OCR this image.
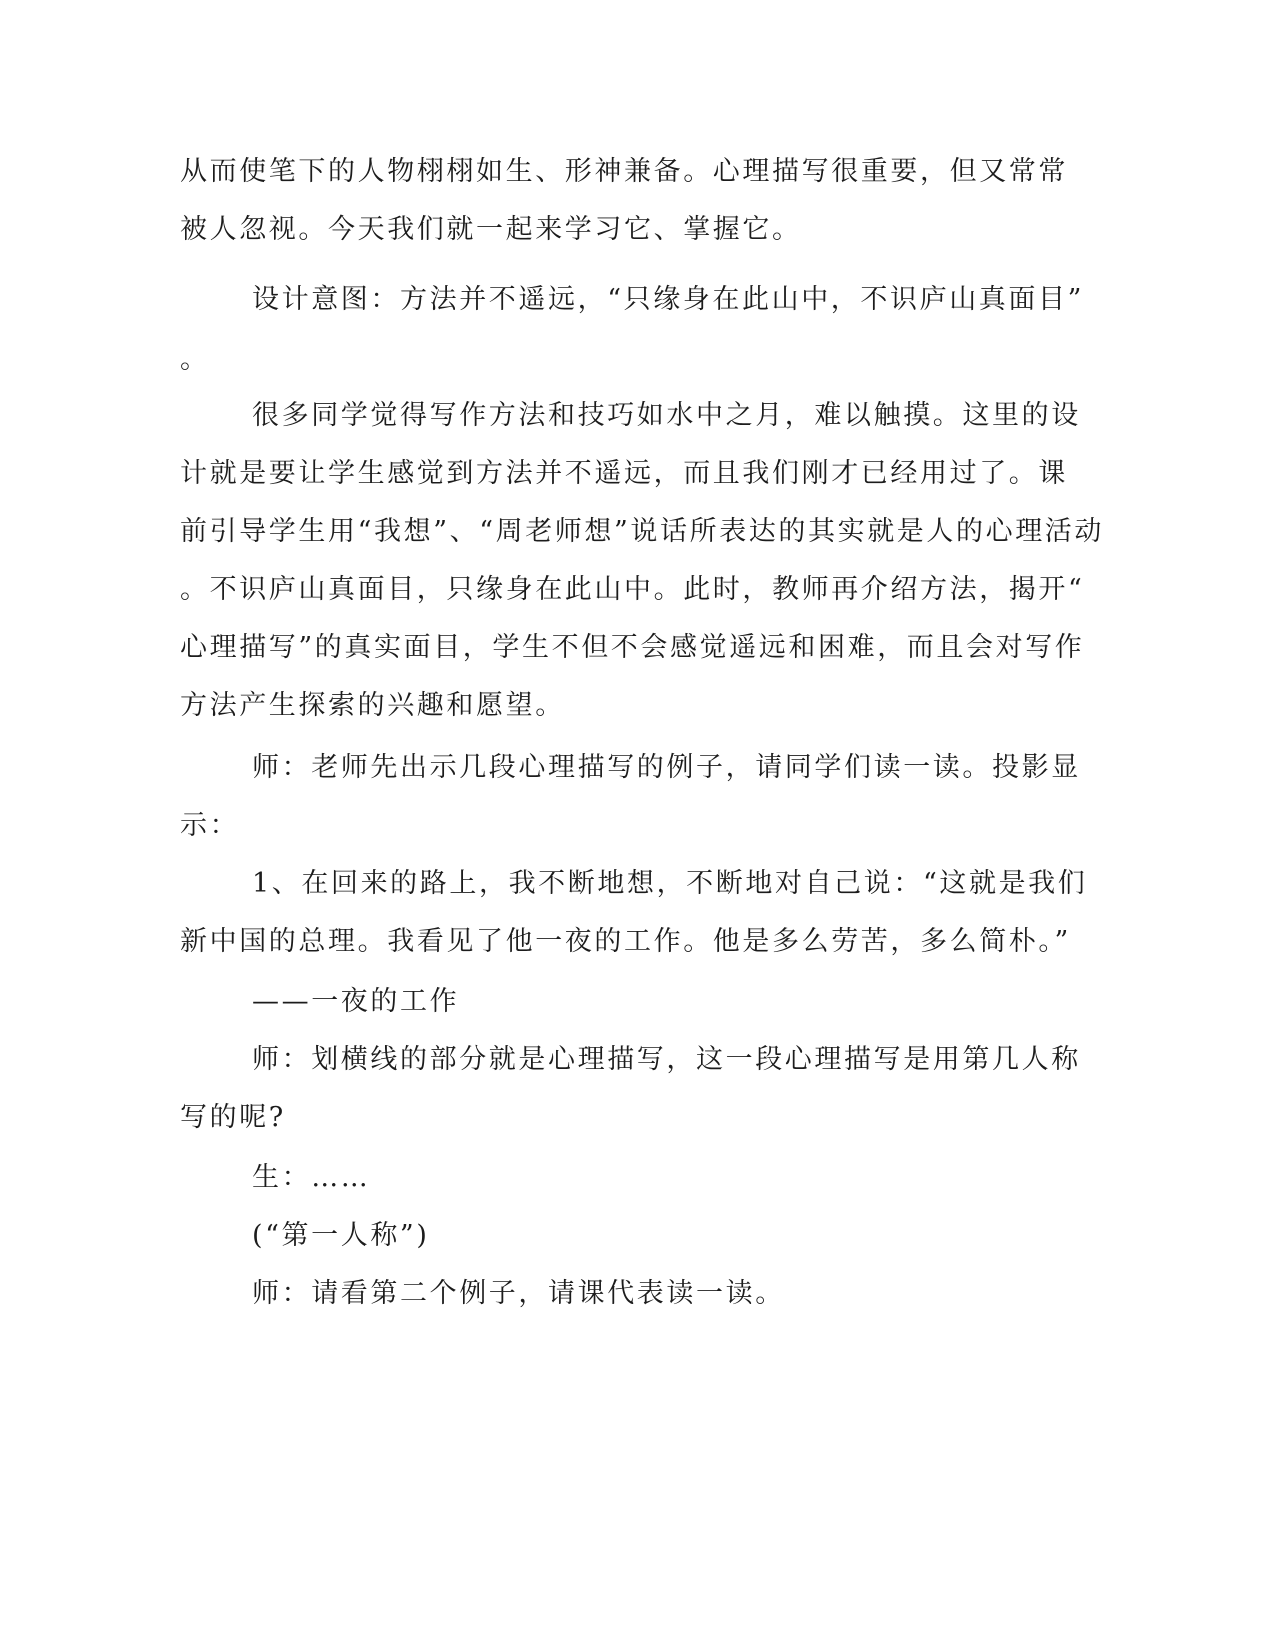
从而使笔下的人物栩栩如生、形神兼备。心理描写很重要，但又常常
被人忽视。今天我们就一起来学习它、掌握它。
设计意图：方法并不遥远，“只缘身在此山中，不识庐山真面目”
。
很多同学觉得写作方法和技巧如水中之月，难以触摸。这里的设
计就是要让学生感觉到方法并不遥远，而且我们刚才已经用过了。课
前引导学生用“我想”、“周老师想”说话所表达的其实就是人的心理活动
。不识庐山真面目，只缘身在此山中。此时，教师再介绍方法，揭开“
心理描写”的真实面目，学生不但不会感觉遥远和困难，而且会对写作
方法产生探索的兴趣和愿望。
师：老师先出示几段心理描写的例子，请同学们读一读。投影显
示：
1、在回来的路上，我不断地想，不断地对自己说：“这就是我们
新中国的总理。我看见了他一夜的工作。他是多么劳苦，多么简朴。”
——一夜的工作
师：划横线的部分就是心理描写，这一段心理描写是用第几人称
写的呢?
生：……
(“第一人称”)
师：请看第二个例子，请课代表读一读。
